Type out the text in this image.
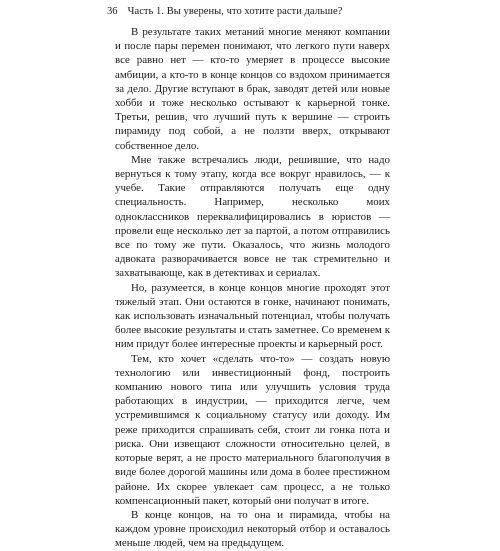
36 Часть 1. Вы уверены, что хотите расти дальше?

В результате таких метаний многие меняют компании и после пары перемен понимают, что легкого пути наверх все равно нет — кто-то умеряет в процессе высокие амбиции, а кто-то в конце концов со вздохом принимается за дело. Другие вступают в брак, заводят детей или новые хобби и тоже несколько остывают к карьерной гонке. Третьи, решив, что лучший путь к вершине — строить пирамиду под собой, а не ползти вверх, открывают собственное дело.

Мне также встречались люди, решившие, что надо вернуться к тому этапу, когда все вокруг нравилось, — к учебе. Такие отправляются получать еще одну специальность. Например, несколько моих одноклассников переквалифицировались в юристов — провели еще несколько лет за партой, а потом отправились все по тому же пути. Оказалось, что жизнь молодого адвоката разворачивается вовсе не так стремительно и захватывающе, как в детективах и сериалах.

Но, разумеется, в конце концов многие проходят этот тяжелый этап. Они остаются в гонке, начинают понимать, как использовать изначальный потенциал, чтобы получать более высокие результаты и стать заметнее. Со временем к ним придут более интересные проекты и карьерный рост.

Тем, кто хочет «сделать что-то» — создать новую технологию или инвестиционный фонд, построить компанию нового типа или улучшить условия труда работающих в индустрии, — приходится легче, чем устремившимся к социальному статусу или доходу. Им реже приходится спрашивать себя, стоит ли гонка пота и риска. Они извещают сложности относительно целей, в которые верят, а не просто материального благополучия в виде более дорогой машины или дома в более престижном районе. Их скорее увлекает сам процесс, а не только компенсационный пакет, который они получат в итоге.

В конце концов, на то она и пирамида, чтобы на каждом уровне происходил некоторый отбор и оставалось меньше людей, чем на предыдущем.
